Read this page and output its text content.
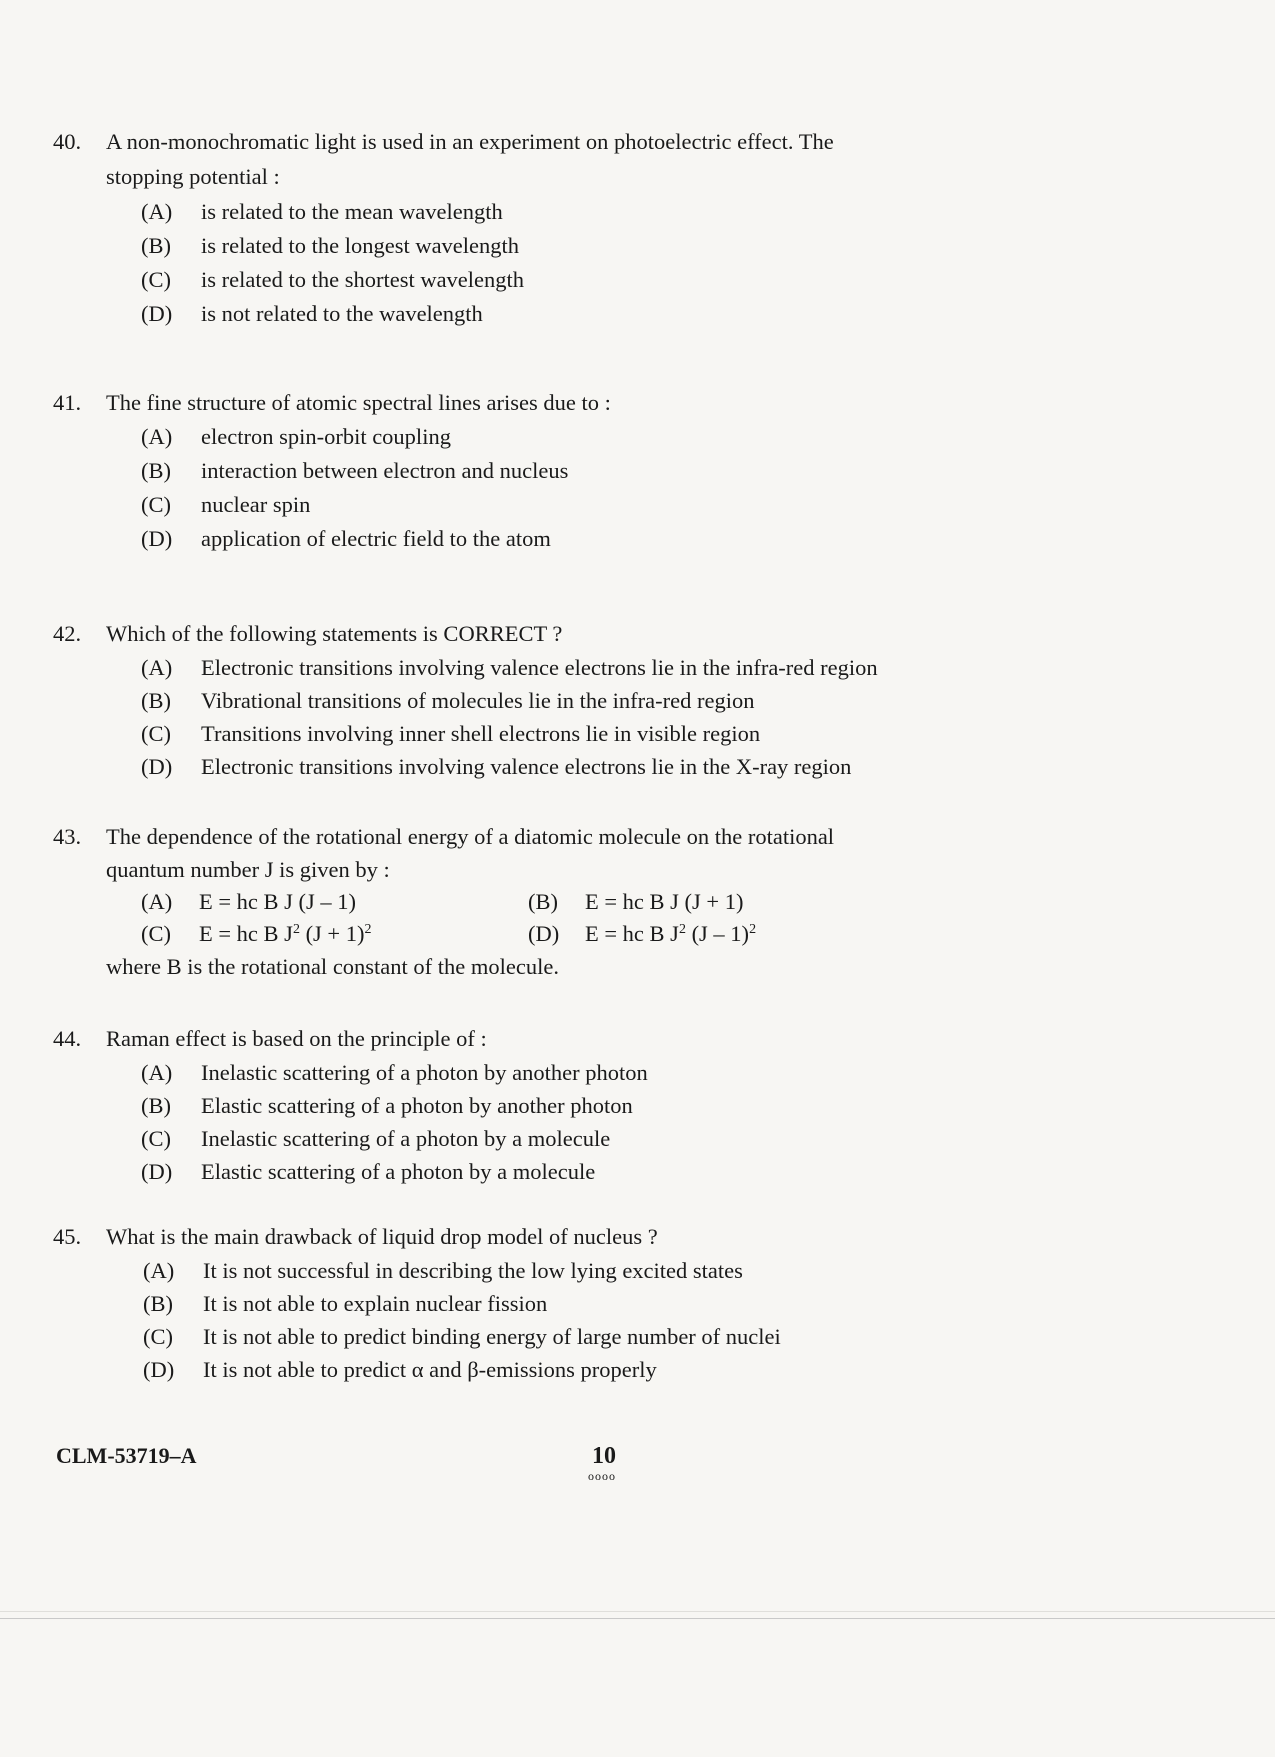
40. A non-monochromatic light is used in an experiment on photoelectric effect. The
stopping potential :
(A) is related to the mean wavelength
(B) is related to the longest wavelength
(C) is related to the shortest wavelength
(D) is not related to the wavelength
41. The fine structure of atomic spectral lines arises due to :
(A) electron spin-orbit coupling
(B) interaction between electron and nucleus
(C) nuclear spin
(D) application of electric field to the atom
42. Which of the following statements is CORRECT ?
(A) Electronic transitions involving valence electrons lie in the infra-red region
(B) Vibrational transitions of molecules lie in the infra-red region
(C) Transitions involving inner shell electrons lie in visible region
(D) Electronic transitions involving valence electrons lie in the X-ray region
43. The dependence of the rotational energy of a diatomic molecule on the rotational
quantum number J is given by :
(A) E = hc B J (J – 1)	(B) E = hc B J (J + 1)
(C) E = hc B $J^2$ $(J + 1)^2$	(D) E = hc B $J^2$ (J – 1)$^2$
where B is the rotational constant of the molecule.
44. Raman effect is based on the principle of :
(A) Inelastic scattering of a photon by another photon
(B) Elastic scattering of a photon by another photon
(C) Inelastic scattering of a photon by a molecule
(D) Elastic scattering of a photon by a molecule
45. What is the main drawback of liquid drop model of nucleus ?
(A) It is not successful in describing the low lying excited states
(B) It is not able to explain nuclear fission
(C) It is not able to predict binding energy of large number of nuclei
(D) It is not able to predict α and β-emissions properly
CLM-53719–A	10
oooo
